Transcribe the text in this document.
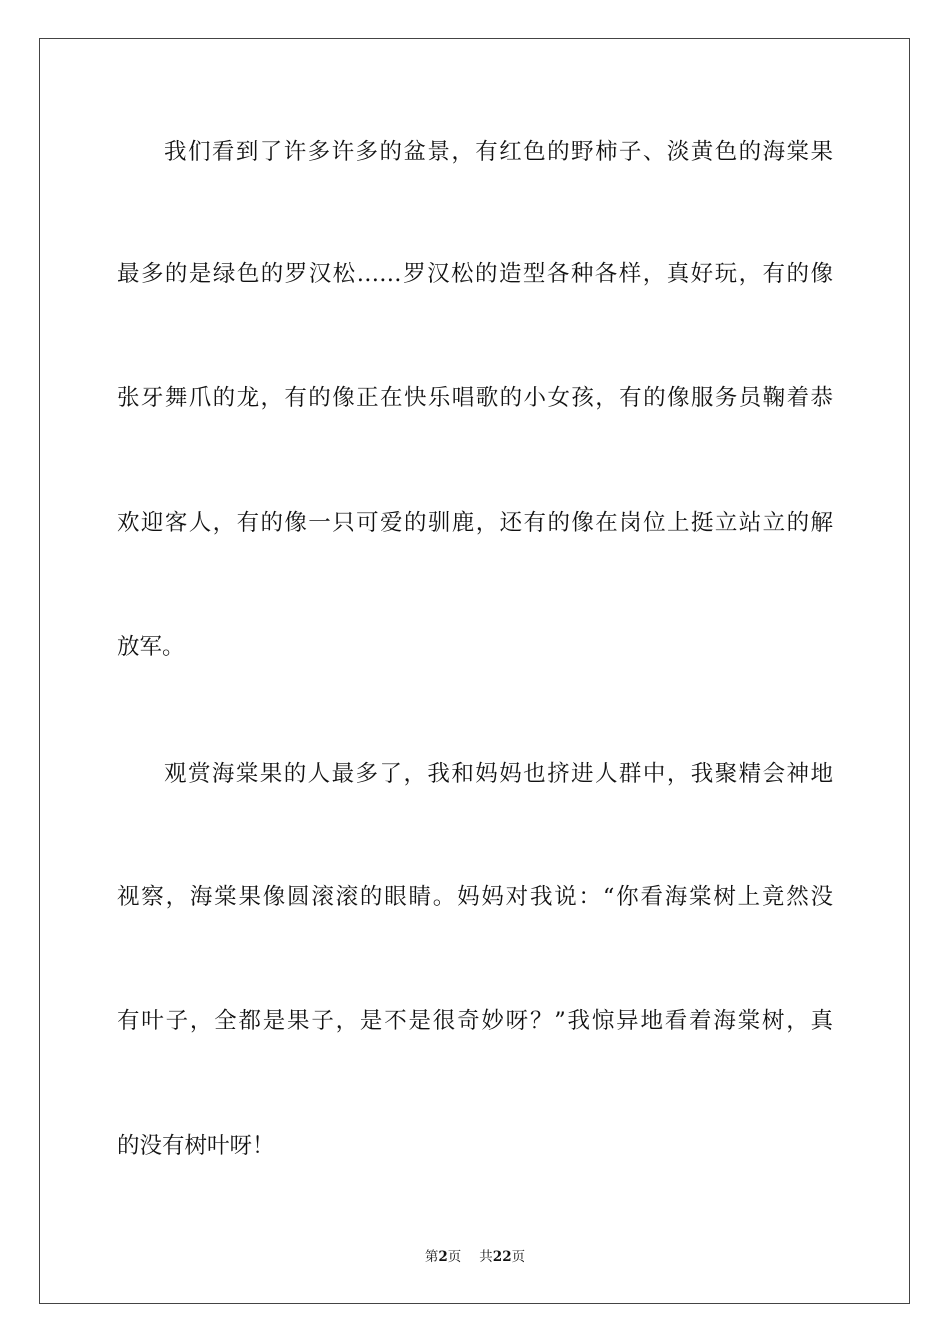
我们看到了许多许多的盆景，有红色的野柿子、淡黄色的海棠果
最多的是绿色的罗汉松……罗汉松的造型各种各样，真好玩，有的像
张牙舞爪的龙，有的像正在快乐唱歌的小女孩，有的像服务员鞠着恭
欢迎客人，有的像一只可爱的驯鹿，还有的像在岗位上挺立站立的解
放军。
观赏海棠果的人最多了，我和妈妈也挤进人群中，我聚精会神地
视察，海棠果像圆滚滚的眼睛。妈妈对我说：“你看海棠树上竟然没
有叶子，全都是果子，是不是很奇妙呀？”我惊异地看着海棠树，真
的没有树叶呀！
第2页 共22页
